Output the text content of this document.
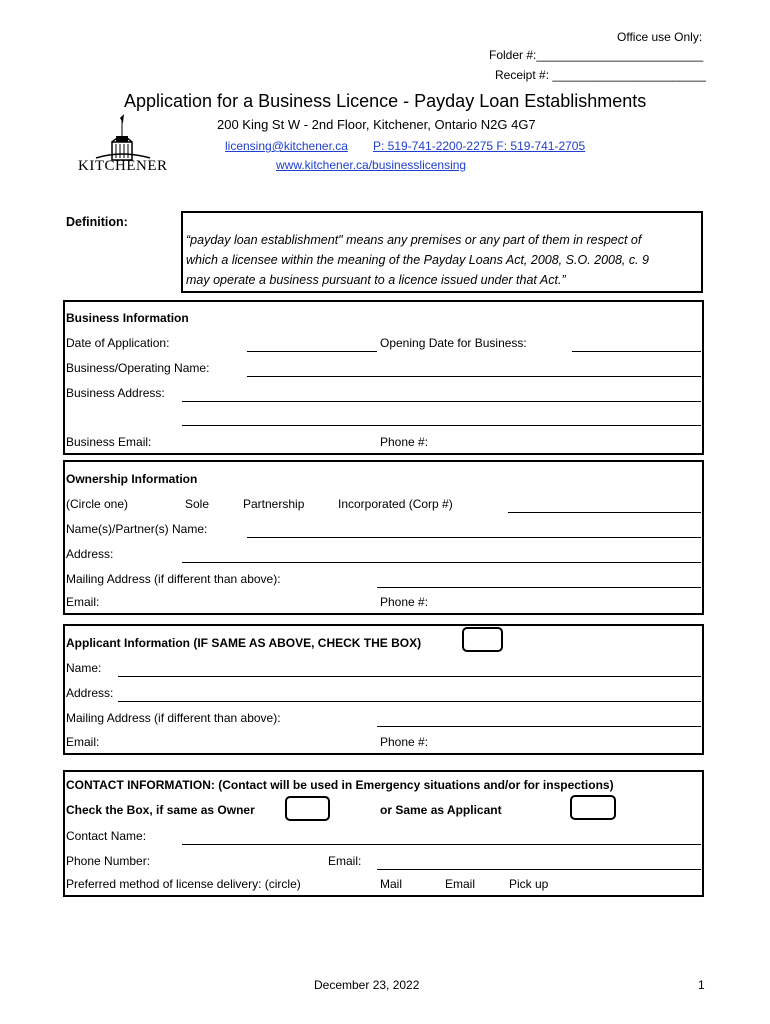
Office use Only:
Folder #:_________________________
Receipt #: _______________________
Application for a Business Licence - Payday Loan Establishments
200 King St W - 2nd Floor, Kitchener, Ontario N2G 4G7
licensing@kitchener.ca P: 519-741-2200-2275 F: 519-741-2705
www.kitchener.ca/businesslicensing
KITCHENER
Definition:
“payday loan establishment" means any premises or any part of them in respect of
which a licensee within the meaning of the Payday Loans Act, 2008, S.O. 2008, c. 9
may operate a business pursuant to a licence issued under that Act.”
Business Information
Date of Application:	Opening Date for Business:
Business/Operating Name:
Business Address:
Business Email:	Phone #:
Ownership Information
(Circle one)	Sole	Partnership	Incorporated (Corp #)
Name(s)/Partner(s) Name:
Address:
Mailing Address (if different than above):
Email:	Phone #:
Applicant Information (IF SAME AS ABOVE, CHECK THE BOX)
Name:
Address:
Mailing Address (if different than above):
Email:	Phone #:
CONTACT INFORMATION: (Contact will be used in Emergency situations and/or for inspections)
Check the Box, if same as Owner	or Same as Applicant
Contact Name:
Phone Number:	Email:
Preferred method of license delivery: (circle)	Mail	Email	Pick up
December 23, 2022	1
